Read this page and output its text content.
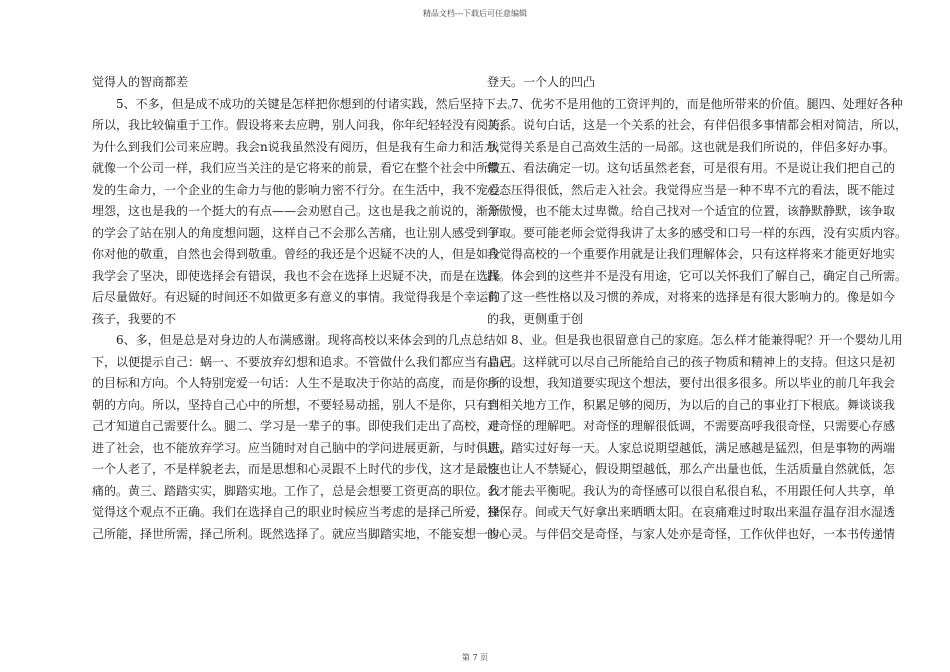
精品文档---下载后可任意编辑
觉得人的智商都差
　　5、不多，但是成不成功的关键是怎样把你想到的付诸实践，然后坚持下去。
所以，我比较偏重于工作。假设将来去应聘，别人问我，你年纪轻轻没有阅历，
为什么到我们公司来应聘。我会n说我虽然没有阅历，但是我有生命力和活力，
就像一个公司一样，我们应当关注的是它将来的前景，看它在整个社会中所散
发的生命力，一个企业的生命力与他的影响力密不行分。在生活中，我不宠爱
埋怨，这也是我的一个挺大的有点——会劝慰自己。这也是我之前说的，渐渐
的学会了站在别人的角度想问题，这样自己不会那么苦痛，也让别人感受到了
你对他的敬重，自然也会得到敬重。曾经的我还是个迟疑不决的人，但是如今
我学会了坚决，即使选择会有错误，我也不会在选择上迟疑不决，而是在选择
后尽量做好。有迟疑的时间还不如做更多有意义的事情。我觉得我是个幸运的
孩子，我要的不
　　6、多，但是总是对身边的人布满感谢。现将高校以来体会到的几点总结如
下，以便提示自己：蜗一、不要放弃幻想和追求。不管做什么我们都应当有自己
的目标和方向。个人特别宠爱一句话：人生不是取决于你站的高度，而是你所
朝的方向。所以，坚持自己心中的所想，不要轻易动摇，别人不是你，只有自
己才知道自己需要什么。腿二、学习是一辈子的事。即使我们走出了高校，走
进了社会，也不能放弃学习。应当随时对自己脑中的学问进展更新，与时俱进。
一个人老了，不是样貌老去，而是思想和心灵跟不上时代的步伐，这才是最哀
痛的。黄三、踏踏实实，脚踏实地。工作了，总是会想要工资更高的职位。我
觉得这个观点不正确。我们在选择自己的职业时候应当考虑的是择己所爱，择
己所能，择世所需，择己所利。既然选择了。就应当脚踏实地，不能妄想一步
登天。一个人的凹凸
　　7、优劣不是用他的工资评判的，而是他所带来的价值。腿四、处理好各种
关系。说句白话，这是一个关系的社会，有伴侣很多事情都会相对简洁，所以，
我觉得关系是自己高效生活的一局部。这也就是我们所说的，伴侣多好办事。
蝶五、看法确定一切。这句话虽然老套，可是很有用。不是说让我们把自己的
心态压得很低，然后走入社会。我觉得应当是一种不卑不亢的看法，既不能过
分傲慢，也不能太过卑微。给自己找对一个适宜的位置，该静默静默，该争取
争取。要可能老师会觉得我讲了太多的感受和口号一样的东西，没有实质内容。
我觉得高校的一个重要作用就是让我们理解体会，只有这样将来才能更好地实
践。体会到的这些并不是没有用途，它可以关怀我们了解自己，确定自己所需。
有了这一些性格以及习惯的养成，对将来的选择是有很大影响力的。像是如今
的我，更侧重于创
　　8、业。但是我也很留意自己的家庭。怎么样才能兼得呢？开一个婴幼儿用
品店。这样就可以尽自己所能给自己的孩子物质和精神上的支持。但这只是初
步的设想，我知道要实现这个想法，要付出很多很多。所以毕业的前几年我会
到相关地方工作，积累足够的阅历，为以后的自己的事业打下根底。舞谈谈我
对奇怪的理解吧。对奇怪的理解很低调，不需要高呼我很奇怪，只需要心存感
恩，踏实过好每一天。人家总说期望越低，满足感越是猛烈，但是事物的两端
性也让人不禁疑心，假设期望越低，那么产出量也低，生活质量自然就低，怎
么才能去平衡呢。我认为的奇怪感可以很自私很自私，不用跟任何人共享，单
独保存。间或天气好拿出来晒晒太阳。在哀痛难过时取出来温存温存泪水湿透
的心灵。与伴侣交是奇怪，与家人处亦是奇怪，工作伙伴也好，一本书传递情
第 7 页
